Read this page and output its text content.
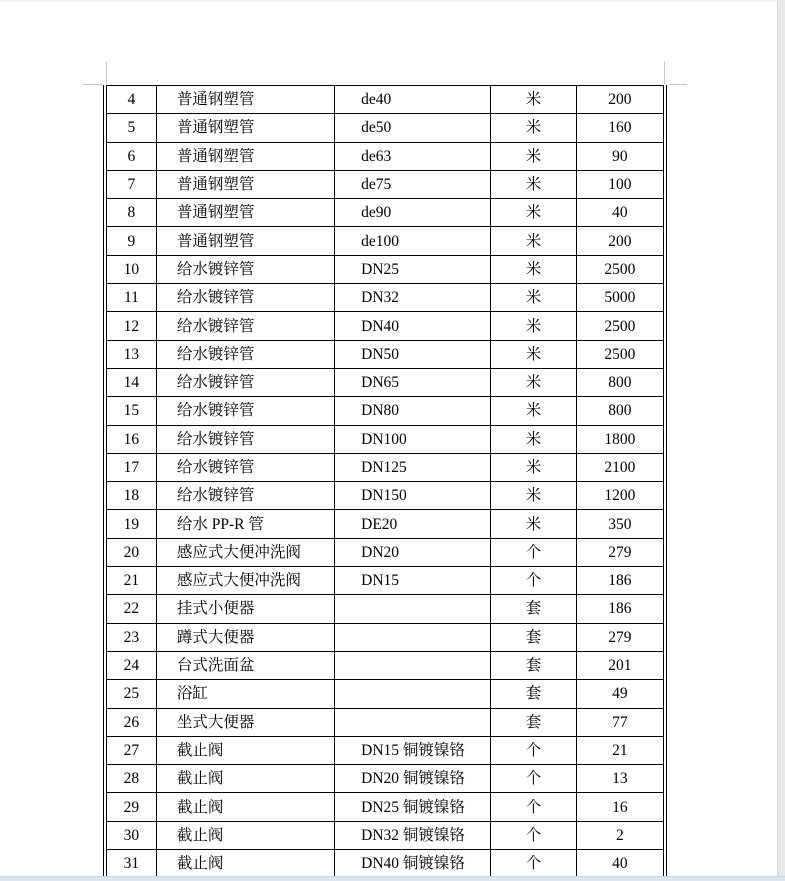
4	普通钢塑管	de40	米	200
5	普通钢塑管	de50	米	160
6	普通钢塑管	de63	米	90
7	普通钢塑管	de75	米	100
8	普通钢塑管	de90	米	40
9	普通钢塑管	de100	米	200
10	给水镀锌管	DN25	米	2500
11	给水镀锌管	DN32	米	5000
12	给水镀锌管	DN40	米	2500
13	给水镀锌管	DN50	米	2500
14	给水镀锌管	DN65	米	800
15	给水镀锌管	DN80	米	800
16	给水镀锌管	DN100	米	1800
17	给水镀锌管	DN125	米	2100
18	给水镀锌管	DN150	米	1200
19	给水 PP-R 管	DE20	米	350
20	感应式大便冲洗阀	DN20	个	279
21	感应式大便冲洗阀	DN15	个	186
22	挂式小便器		套	186
23	蹲式大便器		套	279
24	台式洗面盆		套	201
25	浴缸		套	49
26	坐式大便器		套	77
27	截止阀	DN15 铜镀镍铬	个	21
28	截止阀	DN20 铜镀镍铬	个	13
29	截止阀	DN25 铜镀镍铬	个	16
30	截止阀	DN32 铜镀镍铬	个	2
31	截止阀	DN40 铜镀镍铬	个	40
